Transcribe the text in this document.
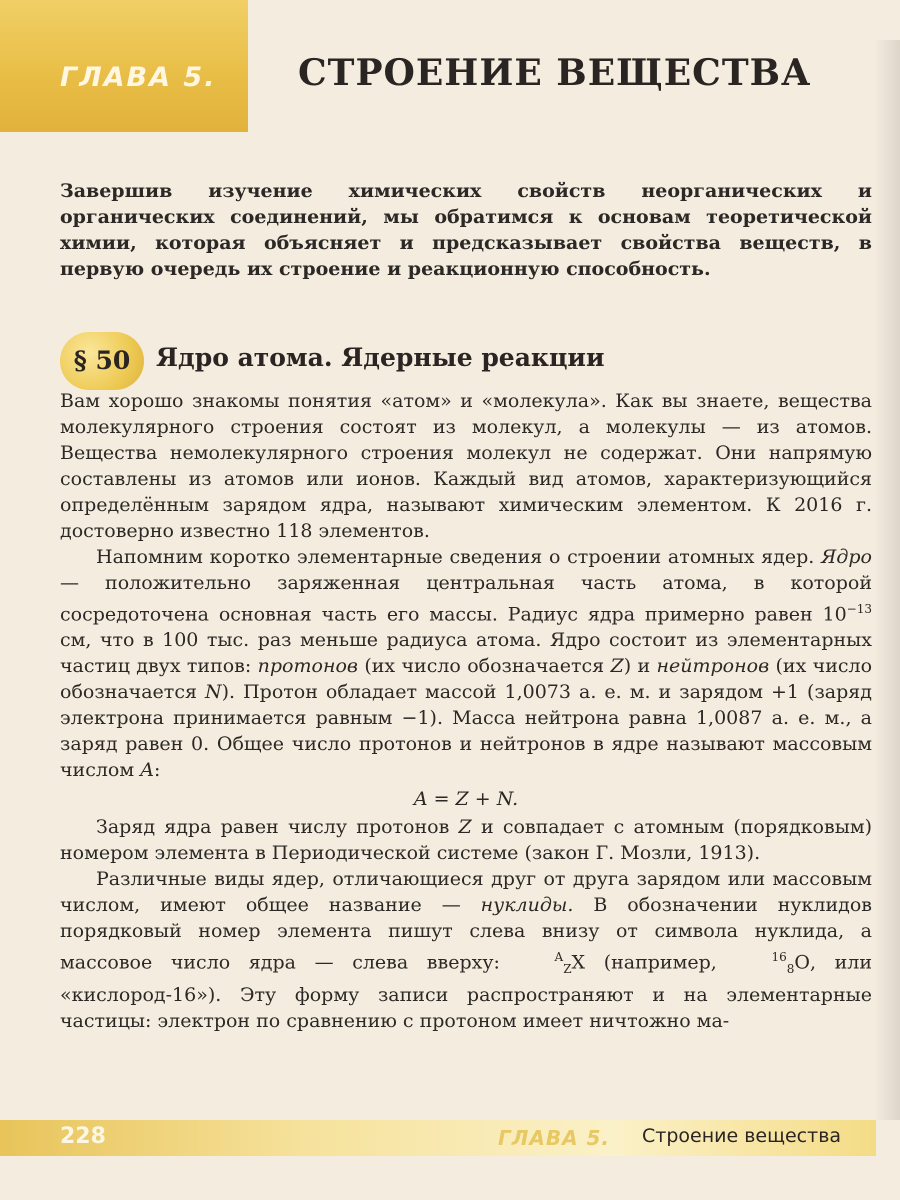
ГЛАВА 5. СТРОЕНИЕ ВЕЩЕСТВА
Завершив изучение химических свойств неорганических и органических соединений, мы обратимся к основам теоретической химии, которая объясняет и предсказывает свойства веществ, в первую очередь их строение и реакционную способность.
§ 50	Ядро атома. Ядерные реакции

Вам хорошо знакомы понятия «атом» и «молекула». Как вы знаете, вещества молекулярного строения состоят из молекул, а молекулы — из атомов. Вещества немолекулярного строения молекул не содержат. Они напрямую составлены из атомов или ионов. Каждый вид атомов, характеризующийся определённым зарядом ядра, называют химическим элементом. К 2016 г. достоверно известно 118 элементов.

Напомним коротко элементарные сведения о строении атомных ядер. Ядро — положительно заряженная центральная часть атома, в которой сосредоточена основная часть его массы. Радиус ядра примерно равен $10^{-13}$ см, что в 100 тыс. раз меньше радиуса атома. Ядро состоит из элементарных частиц двух типов: протонов (их число обозначается Z) и нейтронов (их число обозначается N). Протон обладает массой 1,0073 а. е. м. и зарядом +1 (заряд электрона принимается равным −1). Масса нейтрона равна 1,0087 а. е. м., а заряд равен 0. Общее число протонов и нейтронов в ядре называют массовым числом A:

A = Z + N.

Заряд ядра равен числу протонов Z и совпадает с атомным (порядковым) номером элемента в Периодической системе (закон Г. Мозли, 1913).

Различные виды ядер, отличающиеся друг от друга зарядом или массовым числом, имеют общее название — нуклиды. В обозначении нуклидов порядковый номер элемента пишут слева внизу от символа нуклида, а массовое число ядра — слева вверху:	$^A_Z$X (например,	$^{16}_8$O, или «кислород-16»). Эту форму записи распространяют и на элементарные частицы: электрон по сравнению с протоном имеет ничтожно ма-

228	ГЛАВА 5. Строение вещества
